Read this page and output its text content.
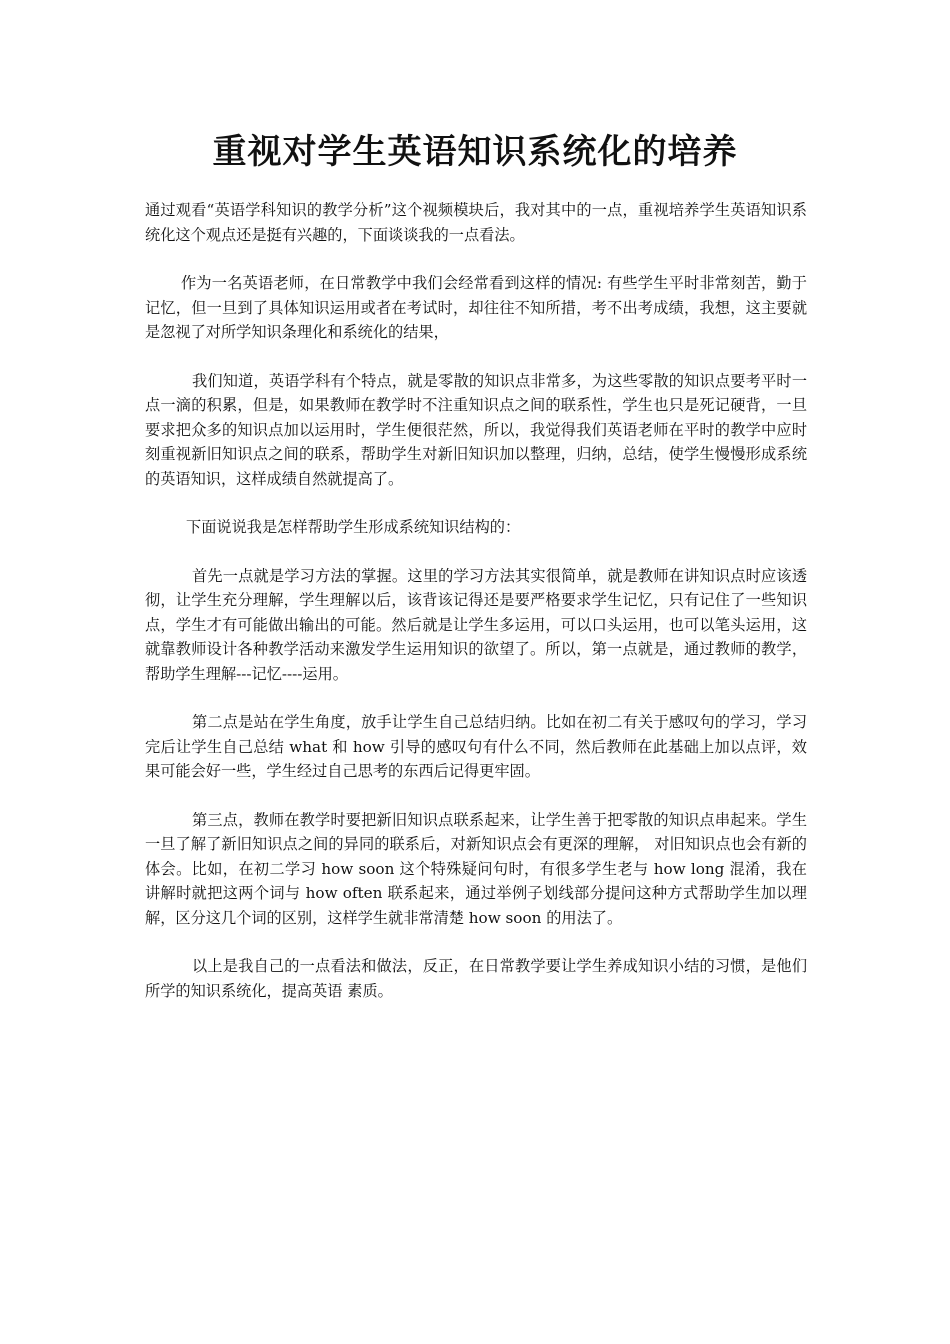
重视对学生英语知识系统化的培养

通过观看“英语学科知识的教学分析”这个视频模块后，我对其中的一点，重视培养学生英语知识系统化这个观点还是挺有兴趣的，下面谈谈我的一点看法。

作为一名英语老师，在日常教学中我们会经常看到这样的情况: 有些学生平时非常刻苦，勤于记忆，但一旦到了具体知识运用或者在考试时，却往往不知所措，考不出考成绩，我想，这主要就是忽视了对所学知识条理化和系统化的结果，

我们知道，英语学科有个特点，就是零散的知识点非常多，为这些零散的知识点要考平时一点一滴的积累，但是，如果教师在教学时不注重知识点之间的联系性，学生也只是死记硬背，一旦要求把众多的知识点加以运用时，学生便很茫然，所以，我觉得我们英语老师在平时的教学中应时刻重视新旧知识点之间的联系，帮助学生对新旧知识加以整理，归纳，总结，使学生慢慢形成系统的英语知识，这样成绩自然就提高了。

下面说说我是怎样帮助学生形成系统知识结构的：

首先一点就是学习方法的掌握。这里的学习方法其实很简单，就是教师在讲知识点时应该透彻，让学生充分理解，学生理解以后，该背该记得还是要严格要求学生记忆，只有记住了一些知识点，学生才有可能做出输出的可能。然后就是让学生多运用，可以口头运用，也可以笔头运用，这就靠教师设计各种教学活动来激发学生运用知识的欲望了。所以，第一点就是，通过教师的教学，帮助学生理解---记忆----运用。

第二点是站在学生角度，放手让学生自己总结归纳。比如在初二有关于感叹句的学习，学习完后让学生自己总结 what 和 how 引导的感叹句有什么不同，然后教师在此基础上加以点评，效果可能会好一些，学生经过自己思考的东西后记得更牢固。

第三点，教师在教学时要把新旧知识点联系起来，让学生善于把零散的知识点串起来。学生一旦了解了新旧知识点之间的异同的联系后，对新知识点会有更深的理解， 对旧知识点也会有新的体会。比如，在初二学习 how soon 这个特殊疑问句时，有很多学生老与 how long 混淆，我在讲解时就把这两个词与 how often 联系起来，通过举例子划线部分提问这种方式帮助学生加以理解，区分这几个词的区别，这样学生就非常清楚 how soon 的用法了。

以上是我自己的一点看法和做法，反正，在日常教学要让学生养成知识小结的习惯，是他们所学的知识系统化，提高英语 素质。
